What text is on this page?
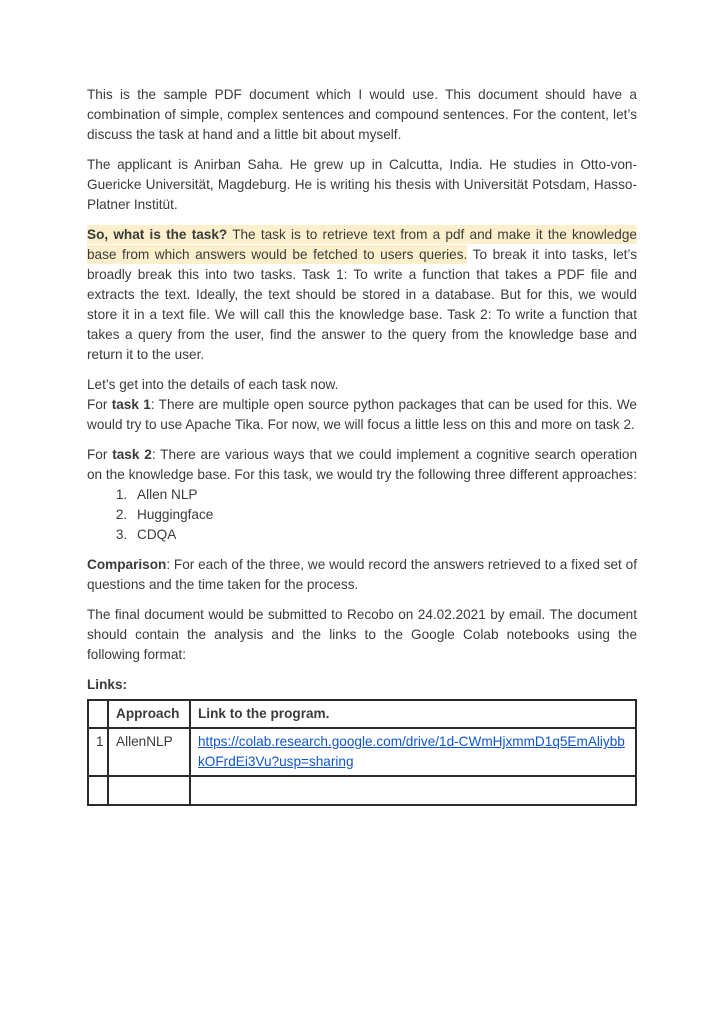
This is the sample PDF document which I would use. This document should have a combination of simple, complex sentences and compound sentences. For the content, let’s discuss the task at hand and a little bit about myself.

The applicant is Anirban Saha. He grew up in Calcutta, India. He studies in Otto-von-Guericke Universität, Magdeburg. He is writing his thesis with Universität Potsdam, Hasso-Platner Institüt.

So, what is the task? The task is to retrieve text from a pdf and make it the knowledge base from which answers would be fetched to users queries. To break it into tasks, let’s broadly break this into two tasks. Task 1: To write a function that takes a PDF file and extracts the text. Ideally, the text should be stored in a database. But for this, we would store it in a text file. We will call this the knowledge base. Task 2: To write a function that takes a query from the user, find the answer to the query from the knowledge base and return it to the user.

Let’s get into the details of each task now.
For task 1: There are multiple open source python packages that can be used for this. We would try to use Apache Tika. For now, we will focus a little less on this and more on task 2.

For task 2: There are various ways that we could implement a cognitive search operation on the knowledge base. For this task, we would try the following three different approaches:

1. Allen NLP
2. Huggingface
3. CDQA

Comparison: For each of the three, we would record the answers retrieved to a fixed set of questions and the time taken for the process.

The final document would be submitted to Recobo on 24.02.2021 by email. The document should contain the analysis and the links to the Google Colab notebooks using the following format:

Links:

	Approach	Link to the program.
1	AllenNLP	https://colab.research.google.com/drive/1d-CWmHjxmmD1q5EmAliybbkOFrdEi3Vu?usp=sharing
